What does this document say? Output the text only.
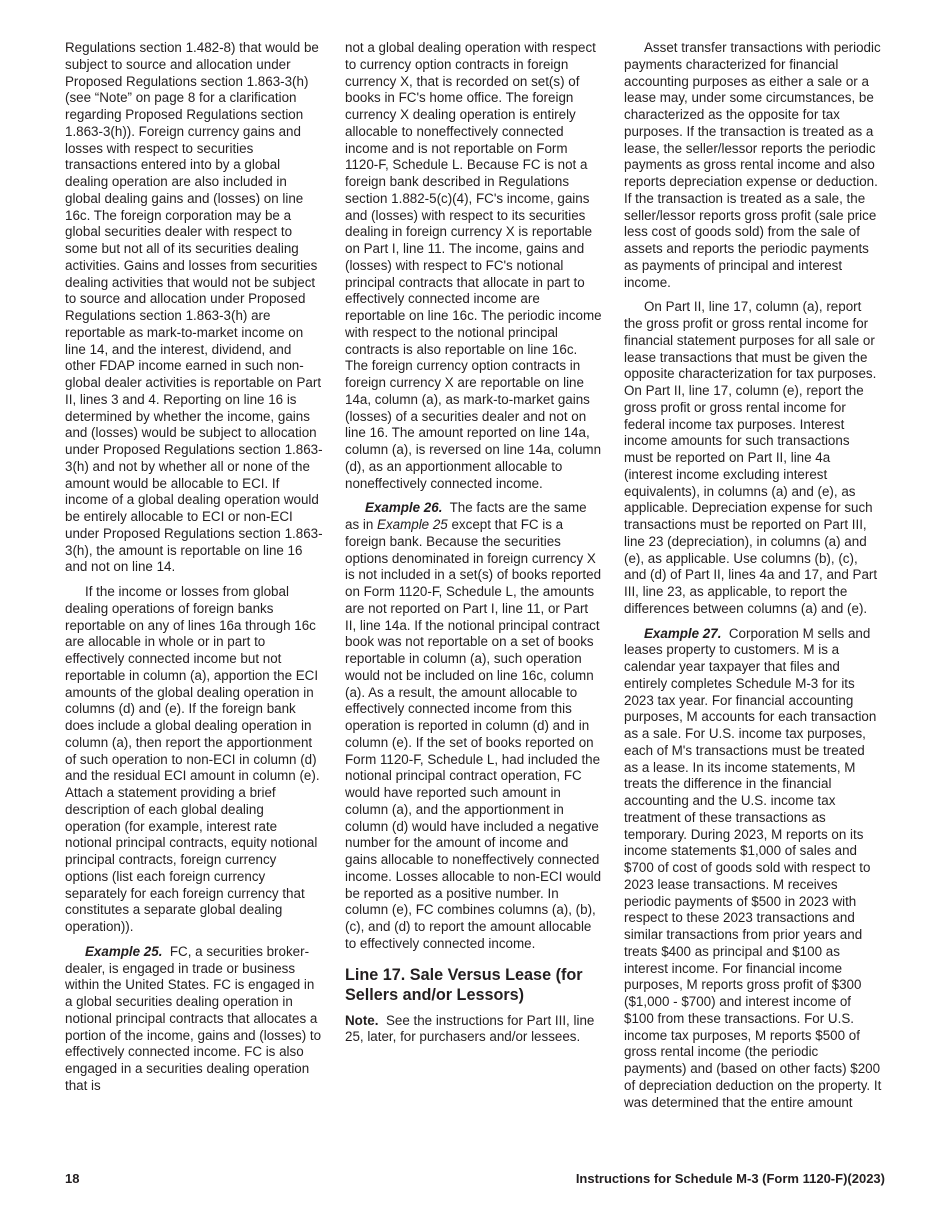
Regulations section 1.482-8) that would be subject to source and allocation under Proposed Regulations section 1.863-3(h) (see “Note” on page 8 for a clarification regarding Proposed Regulations section 1.863-3(h)). Foreign currency gains and losses with respect to securities transactions entered into by a global dealing operation are also included in global dealing gains and (losses) on line 16c. The foreign corporation may be a global securities dealer with respect to some but not all of its securities dealing activities. Gains and losses from securities dealing activities that would not be subject to source and allocation under Proposed Regulations section 1.863-3(h) are reportable as mark-to-market income on line 14, and the interest, dividend, and other FDAP income earned in such non-global dealer activities is reportable on Part II, lines 3 and 4. Reporting on line 16 is determined by whether the income, gains and (losses) would be subject to allocation under Proposed Regulations section 1.863-3(h) and not by whether all or none of the amount would be allocable to ECI. If income of a global dealing operation would be entirely allocable to ECI or non-ECI under Proposed Regulations section 1.863-3(h), the amount is reportable on line 16 and not on line 14.

If the income or losses from global dealing operations of foreign banks reportable on any of lines 16a through 16c are allocable in whole or in part to effectively connected income but not reportable in column (a), apportion the ECI amounts of the global dealing operation in columns (d) and (e). If the foreign bank does include a global dealing operation in column (a), then report the apportionment of such operation to non-ECI in column (d) and the residual ECI amount in column (e). Attach a statement providing a brief description of each global dealing operation (for example, interest rate notional principal contracts, equity notional principal contracts, foreign currency options (list each foreign currency separately for each foreign currency that constitutes a separate global dealing operation)).

Example 25. FC, a securities broker-dealer, is engaged in trade or business within the United States. FC is engaged in a global securities dealing operation in notional principal contracts that allocates a portion of the income, gains and (losses) to effectively connected income. FC is also engaged in a securities dealing operation that is

not a global dealing operation with respect to currency option contracts in foreign currency X, that is recorded on set(s) of books in FC's home office. The foreign currency X dealing operation is entirely allocable to noneffectively connected income and is not reportable on Form 1120-F, Schedule L. Because FC is not a foreign bank described in Regulations section 1.882-5(c)(4), FC's income, gains and (losses) with respect to its securities dealing in foreign currency X is reportable on Part I, line 11. The income, gains and (losses) with respect to FC's notional principal contracts that allocate in part to effectively connected income are reportable on line 16c. The periodic income with respect to the notional principal contracts is also reportable on line 16c. The foreign currency option contracts in foreign currency X are reportable on line 14a, column (a), as mark-to-market gains (losses) of a securities dealer and not on line 16. The amount reported on line 14a, column (a), is reversed on line 14a, column (d), as an apportionment allocable to noneffectively connected income.

Example 26. The facts are the same as in Example 25 except that FC is a foreign bank. Because the securities options denominated in foreign currency X is not included in a set(s) of books reported on Form 1120-F, Schedule L, the amounts are not reported on Part I, line 11, or Part II, line 14a. If the notional principal contract book was not reportable on a set of books reportable in column (a), such operation would not be included on line 16c, column (a). As a result, the amount allocable to effectively connected income from this operation is reported in column (d) and in column (e). If the set of books reported on Form 1120-F, Schedule L, had included the notional principal contract operation, FC would have reported such amount in column (a), and the apportionment in column (d) would have included a negative number for the amount of income and gains allocable to noneffectively connected income. Losses allocable to non-ECI would be reported as a positive number. In column (e), FC combines columns (a), (b), (c), and (d) to report the amount allocable to effectively connected income.

Line 17. Sale Versus Lease (for Sellers and/or Lessors)

Note. See the instructions for Part III, line 25, later, for purchasers and/or lessees.

Asset transfer transactions with periodic payments characterized for financial accounting purposes as either a sale or a lease may, under some circumstances, be characterized as the opposite for tax purposes. If the transaction is treated as a lease, the seller/lessor reports the periodic payments as gross rental income and also reports depreciation expense or deduction. If the transaction is treated as a sale, the seller/lessor reports gross profit (sale price less cost of goods sold) from the sale of assets and reports the periodic payments as payments of principal and interest income.

On Part II, line 17, column (a), report the gross profit or gross rental income for financial statement purposes for all sale or lease transactions that must be given the opposite characterization for tax purposes. On Part II, line 17, column (e), report the gross profit or gross rental income for federal income tax purposes. Interest income amounts for such transactions must be reported on Part II, line 4a (interest income excluding interest equivalents), in columns (a) and (e), as applicable. Depreciation expense for such transactions must be reported on Part III, line 23 (depreciation), in columns (a) and (e), as applicable. Use columns (b), (c), and (d) of Part II, lines 4a and 17, and Part III, line 23, as applicable, to report the differences between columns (a) and (e).

Example 27. Corporation M sells and leases property to customers. M is a calendar year taxpayer that files and entirely completes Schedule M-3 for its 2023 tax year. For financial accounting purposes, M accounts for each transaction as a sale. For U.S. income tax purposes, each of M's transactions must be treated as a lease. In its income statements, M treats the difference in the financial accounting and the U.S. income tax treatment of these transactions as temporary. During 2023, M reports on its income statements $1,000 of sales and $700 of cost of goods sold with respect to 2023 lease transactions. M receives periodic payments of $500 in 2023 with respect to these 2023 transactions and similar transactions from prior years and treats $400 as principal and $100 as interest income. For financial income purposes, M reports gross profit of $300 ($1,000 - $700) and interest income of $100 from these transactions. For U.S. income tax purposes, M reports $500 of gross rental income (the periodic payments) and (based on other facts) $200 of depreciation deduction on the property. It was determined that the entire amount

18	Instructions for Schedule M-3 (Form 1120-F)(2023)
